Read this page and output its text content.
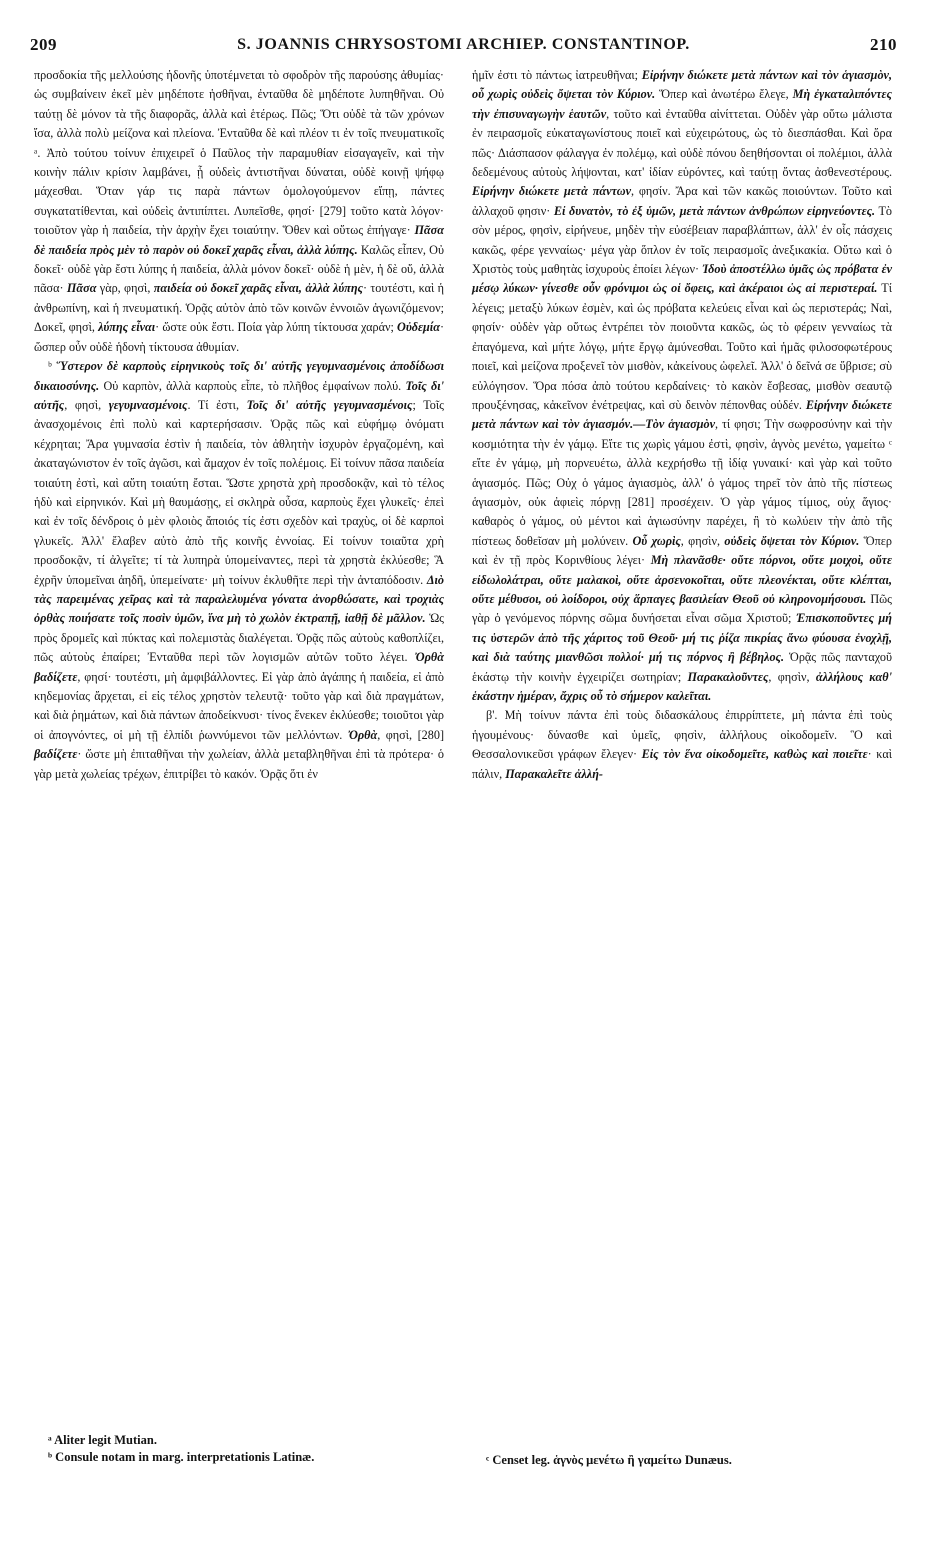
209	S. JOANNIS CHRYSOSTOMI ARCHIEP. CONSTANTINOP.	210

προσδοκία τῆς μελλούσης ἡδονῆς ὑποτέμνεται τὸ σφοδρὸν τῆς παρούσης ἀθυμίας· ὡς συμβαίνειν ἐκεῖ μὲν μηδέποτε ἡσθῆναι, ἐνταῦθα δὲ μηδέποτε λυπηθῆναι. Οὐ ταύτῃ δὲ μόνον τὰ τῆς διαφορᾶς, ἀλλὰ καὶ ἑτέρως. Πῶς; Ὅτι οὐδὲ τὰ τῶν χρόνων ἴσα, ἀλλὰ πολὺ μείζονα καὶ πλείονα. Ἐνταῦθα δὲ καὶ πλέον τι ἐν τοῖς πνευματικοῖς ᵃ. Ἀπὸ τούτου τοίνυν ἐπιχειρεῖ ὁ Παῦλος τὴν παραμυθίαν εἰσαγαγεῖν, καὶ τὴν κοινὴν πάλιν κρίσιν λαμβάνει, ᾗ οὐδεὶς ἀντιστῆναι δύναται, οὐδὲ κοινῇ ψήφῳ μάχεσθαι. Ὅταν γάρ τις παρὰ πάντων ὁμολογούμενον εἴπῃ, πάντες συγκατατίθενται, καὶ οὐδεὶς ἀντιπίπτει. Λυπεῖσθε, φησί· [279] τοῦτο κατὰ λόγον· τοιοῦτον γὰρ ἡ παιδεία, τὴν ἀρχὴν ἔχει τοιαύτην. Ὅθεν καὶ οὕτως ἐπήγαγε· Πᾶσα δὲ παιδεία πρὸς μὲν τὸ παρὸν οὐ δοκεῖ χαρᾶς εἶναι, ἀλλὰ λύπης. Καλῶς εἶπεν, Οὐ δοκεῖ· οὐδὲ γὰρ ἔστι λύπης ἡ παιδεία, ἀλλὰ μόνον δοκεῖ· οὐδὲ ἡ μὲν, ἡ δὲ οὔ, ἀλλὰ πᾶσα· Πᾶσα γὰρ, φησὶ, παιδεία οὐ δοκεῖ χαρᾶς εἶναι, ἀλλὰ λύπης· τουτέστι, καὶ ἡ ἀνθρωπίνη, καὶ ἡ πνευματική. Ὁρᾷς αὐτὸν ἀπὸ τῶν κοινῶν ἐννοιῶν ἀγωνιζόμενον; Δοκεῖ, φησὶ, λύπης εἶναι· ὥστε οὐκ ἔστι. Ποία γὰρ λύπη τίκτουσα χαράν; Οὐδεμία· ὥσπερ οὖν οὐδὲ ἡδονὴ τίκτουσα ἀθυμίαν.

ᵇ Ὕστερον δὲ καρποὺς εἰρηνικοὺς τοῖς δι' αὐτῆς γεγυμνασμένοις ἀποδίδωσι δικαιοσύνης. Οὐ καρπὸν, ἀλλὰ καρποὺς εἶπε, τὸ πλῆθος ἐμφαίνων πολύ. Τοῖς δι' αὐτῆς, φησὶ, γεγυμνασμένοις. Τί ἐστι, Τοῖς δι' αὐτῆς γεγυμνασμένοις; Τοῖς ἀνασχομένοις ἐπὶ πολὺ καὶ καρτερήσασιν. Ὁρᾷς πῶς καὶ εὐφήμῳ ὀνόματι κέχρηται; Ἄρα γυμνασία ἐστὶν ἡ παιδεία, τὸν ἀθλητὴν ἰσχυρὸν ἐργαζομένη, καὶ ἀκαταγώνιστον ἐν τοῖς ἀγῶσι, καὶ ἄμαχον ἐν τοῖς πολέμοις. Εἰ τοίνυν πᾶσα παιδεία τοιαύτη ἐστὶ, καὶ αὕτη τοιαύτη ἔσται. Ὥστε χρηστὰ χρὴ προσδοκᾷν, καὶ τὸ τέλος ἡδὺ καὶ εἰρηνικόν. Καὶ μὴ θαυμάσῃς, εἰ σκληρὰ οὖσα, καρποὺς ἔχει γλυκεῖς· ἐπεὶ καὶ ἐν τοῖς δένδροις ὁ μὲν φλοιὸς ἄποιός τίς ἐστι σχεδὸν καὶ τραχὺς, οἱ δὲ καρποὶ γλυκεῖς. Ἀλλ' ἔλαβεν αὐτὸ ἀπὸ τῆς κοινῆς ἐννοίας. Εἰ τοίνυν τοιαῦτα χρὴ προσδοκᾷν, τί ἀλγεῖτε; τί τὰ λυπηρὰ ὑπομείναντες, περὶ τὰ χρηστὰ ἐκλύεσθε; Ἃ ἐχρῆν ὑπομεῖναι ἀηδῆ, ὑπεμείνατε· μὴ τοίνυν ἐκλυθῆτε περὶ τὴν ἀνταπόδοσιν. Διὸ τὰς παρειμένας χεῖρας καὶ τὰ παραλελυμένα γόνατα ἀνορθώσατε, καὶ τροχιὰς ὀρθὰς ποιήσατε τοῖς ποσὶν ὑμῶν, ἵνα μὴ τὸ χωλὸν ἐκτραπῇ, ἰαθῇ δὲ μᾶλλον. Ὡς πρὸς δρομεῖς καὶ πύκτας καὶ πολεμιστὰς διαλέγεται. Ὁρᾷς πῶς αὐτοὺς καθοπλίζει, πῶς αὐτοὺς ἐπαίρει; Ἐνταῦθα περὶ τῶν λογισμῶν αὐτῶν τοῦτο λέγει. Ὀρθὰ βαδίζετε, φησί· τουτέστι, μὴ ἀμφιβάλλοντες. Εἰ γὰρ ἀπὸ ἀγάπης ἡ παιδεία, εἰ ἀπὸ κηδεμονίας ἄρχεται, εἰ εἰς τέλος χρηστὸν τελευτᾷ· τοῦτο γὰρ καὶ διὰ πραγμάτων, καὶ διὰ ῥημάτων, καὶ διὰ πάντων ἀποδείκνυσι· τίνος ἕνεκεν ἐκλύεσθε; τοιοῦτοι γὰρ οἱ ἀπογνόντες, οἱ μὴ τῇ ἐλπίδι ῥωννύμενοι τῶν μελλόντων. Ὀρθὰ, φησὶ, [280] βαδίζετε· ὥστε μὴ ἐπιταθῆναι τὴν χωλείαν, ἀλλὰ μεταβληθῆναι ἐπὶ τὰ πρότερα· ὁ γὰρ μετὰ χωλείας τρέχων, ἐπιτρίβει τὸ κακόν. Ὁρᾷς ὅτι ἐν

ἡμῖν ἐστι τὸ πάντως ἰατρευθῆναι; Εἰρήνην διώκετε μετὰ πάντων καὶ τὸν ἁγιασμὸν, οὗ χωρὶς οὐδεὶς ὄψεται τὸν Κύριον. Ὅπερ καὶ ἀνωτέρω ἔλεγε, Μὴ ἐγκαταλιπόντες τὴν ἐπισυναγωγὴν ἑαυτῶν, τοῦτο καὶ ἐνταῦθα αἰνίττεται. Οὐδὲν γὰρ οὕτω μάλιστα ἐν πειρασμοῖς εὐκαταγωνίστους ποιεῖ καὶ εὐχειρώτους, ὡς τὸ διεσπάσθαι. Καὶ ὅρα πῶς· Διάσπασον φάλαγγα ἐν πολέμῳ, καὶ οὐδὲ πόνου δεηθήσονται οἱ πολέμιοι, ἀλλὰ δεδεμένους αὐτοὺς λήψονται, κατ' ἰδίαν εὑρόντες, καὶ ταύτῃ ὄντας ἀσθενεστέρους. Εἰρήνην διώκετε μετὰ πάντων, φησίν. Ἄρα καὶ τῶν κακῶς ποιούντων. Τοῦτο καὶ ἀλλαχοῦ φησιν· Εἰ δυνατὸν, τὸ ἐξ ὑμῶν, μετὰ πάντων ἀνθρώπων εἰρηνεύοντες. Τὸ σὸν μέρος, φησὶν, εἰρήνευε, μηδὲν τὴν εὐσέβειαν παραβλάπτων, ἀλλ' ἐν οἷς πάσχεις κακῶς, φέρε γενναίως· μέγα γὰρ ὅπλον ἐν τοῖς πειρασμοῖς ἀνεξικακία. Οὕτω καὶ ὁ Χριστὸς τοὺς μαθητὰς ἰσχυροὺς ἐποίει λέγων· Ἰδοὺ ἀποστέλλω ὑμᾶς ὡς πρόβατα ἐν μέσῳ λύκων· γίνεσθε οὖν φρόνιμοι ὡς οἱ ὄφεις, καὶ ἀκέραιοι ὡς αἱ περιστεραί. Τί λέγεις; μεταξὺ λύκων ἐσμὲν, καὶ ὡς πρόβατα κελεύεις εἶναι καὶ ὡς περιστεράς; Ναὶ, φησίν· οὐδὲν γὰρ οὕτως ἐντρέπει τὸν ποιοῦντα κακῶς, ὡς τὸ φέρειν γενναίως τὰ ἐπαγόμενα, καὶ μήτε λόγῳ, μήτε ἔργῳ ἀμύνεσθαι. Τοῦτο καὶ ἡμᾶς φιλοσοφωτέρους ποιεῖ, καὶ μείζονα προξενεῖ τὸν μισθὸν, κἀκείνους ὠφελεῖ. Ἀλλ' ὁ δεῖνά σε ὕβρισε; σὺ εὐλόγησον. Ὅρα πόσα ἀπὸ τούτου κερδαίνεις· τὸ κακὸν ἔσβεσας, μισθὸν σεαυτῷ προυξένησας, κἀκεῖνον ἐνέτρεψας, καὶ σὺ δεινὸν πέπονθας οὐδέν. Εἰρήνην διώκετε μετὰ πάντων καὶ τὸν ἁγιασμόν.—Τὸν ἁγιασμὸν, τί φησι; Τὴν σωφροσύνην καὶ τὴν κοσμιότητα τὴν ἐν γάμῳ. Εἴτε τις χωρὶς γάμου ἐστὶ, φησὶν, ἁγνὸς μενέτω, γαμείτω ᶜ εἴτε ἐν γάμῳ, μὴ πορνευέτω, ἀλλὰ κεχρήσθω τῇ ἰδίᾳ γυναικί· καὶ γὰρ καὶ τοῦτο ἁγιασμός. Πῶς; Οὐχ ὁ γάμος ἁγιασμὸς, ἀλλ' ὁ γάμος τηρεῖ τὸν ἀπὸ τῆς πίστεως ἁγιασμὸν, οὐκ ἀφιεὶς πόρνῃ [281] προσέχειν. Ὁ γὰρ γάμος τίμιος, οὐχ ἅγιος· καθαρὸς ὁ γάμος, οὐ μέντοι καὶ ἁγιωσύνην παρέχει, ἢ τὸ κωλύειν τὴν ἀπὸ τῆς πίστεως δοθεῖσαν μὴ μολύνειν. Οὗ χωρὶς, φησὶν, οὐδεὶς ὄψεται τὸν Κύριον. Ὅπερ καὶ ἐν τῇ πρὸς Κορινθίους λέγει· Μὴ πλανᾶσθε· οὔτε πόρνοι, οὔτε μοιχοὶ, οὔτε εἰδωλολάτραι, οὔτε μαλακοὶ, οὔτε ἀρσενοκοῖται, οὔτε πλεονέκται, οὔτε κλέπται, οὔτε μέθυσοι, οὐ λοίδοροι, οὐχ ἅρπαγες βασιλείαν Θεοῦ οὐ κληρονομήσουσι. Πῶς γὰρ ὁ γενόμενος πόρνης σῶμα δυνήσεται εἶναι σῶμα Χριστοῦ; Ἐπισκοποῦντες μή τις ὑστερῶν ἀπὸ τῆς χάριτος τοῦ Θεοῦ· μή τις ῥίζα πικρίας ἄνω φύουσα ἐνοχλῇ, καὶ διὰ ταύτης μιανθῶσι πολλοί· μή τις πόρνος ἢ βέβηλος. Ὁρᾷς πῶς πανταχοῦ ἑκάστῳ τὴν κοινὴν ἐγχειρίζει σωτηρίαν; Παρακαλοῦντες, φησὶν, ἀλλήλους καθ' ἑκάστην ἡμέραν, ἄχρις οὗ τὸ σήμερον καλεῖται.

β'. Μὴ τοίνυν πάντα ἐπὶ τοὺς διδασκάλους ἐπιρρίπτετε, μὴ πάντα ἐπὶ τοὺς ἡγουμένους· δύνασθε καὶ ὑμεῖς, φησὶν, ἀλλήλους οἰκοδομεῖν. Ὃ καὶ Θεσσαλονικεῦσι γράφων ἔλεγεν· Εἰς τὸν ἕνα οἰκοδομεῖτε, καθὼς καὶ ποιεῖτε· καὶ πάλιν, Παρακαλεῖτε ἀλλή-

ᵃ Aliter legit Mutian.
ᵇ Consule notam in marg. interpretationis Latinæ.	ᶜ Censet leg. ἁγνὸς μενέτω ἢ γαμείτω Dunæus.
